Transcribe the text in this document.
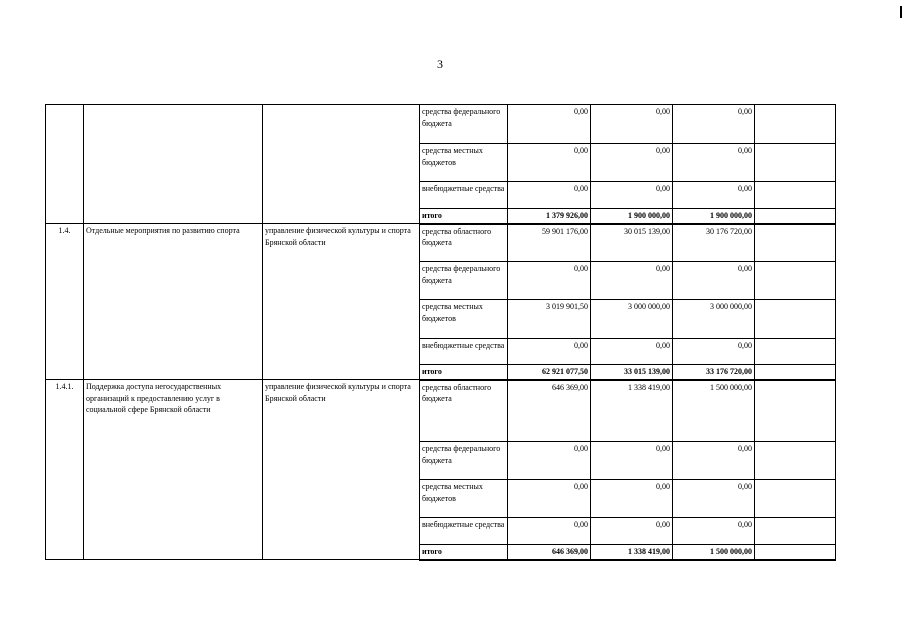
3
			средства федерального бюджета	0,00	0,00	0,00	
			средства местных бюджетов	0,00	0,00	0,00	
			внебюджетные средства	0,00	0,00	0,00	
			итого	1 379 926,00	1 900 000,00	1 900 000,00	
1.4.	Отдельные мероприятия по развитию спорта	управление физической культуры и спорта Брянской области	средства областного бюджета	59 901 176,00	30 015 139,00	30 176 720,00	
			средства федерального бюджета	0,00	0,00	0,00	
			средства местных бюджетов	3 019 901,50	3 000 000,00	3 000 000,00	
			внебюджетные средства	0,00	0,00	0,00	
			итого	62 921 077,50	33 015 139,00	33 176 720,00	
1.4.1.	Поддержка доступа негосударственных организаций к предоставлению услуг в социальной сфере Брянской области	управление физической культуры и спорта Брянской области	средства областного бюджета	646 369,00	1 338 419,00	1 500 000,00	
			средства федерального бюджета	0,00	0,00	0,00	
			средства местных бюджетов	0,00	0,00	0,00	
			внебюджетные средства	0,00	0,00	0,00	
			итого	646 369,00	1 338 419,00	1 500 000,00	
